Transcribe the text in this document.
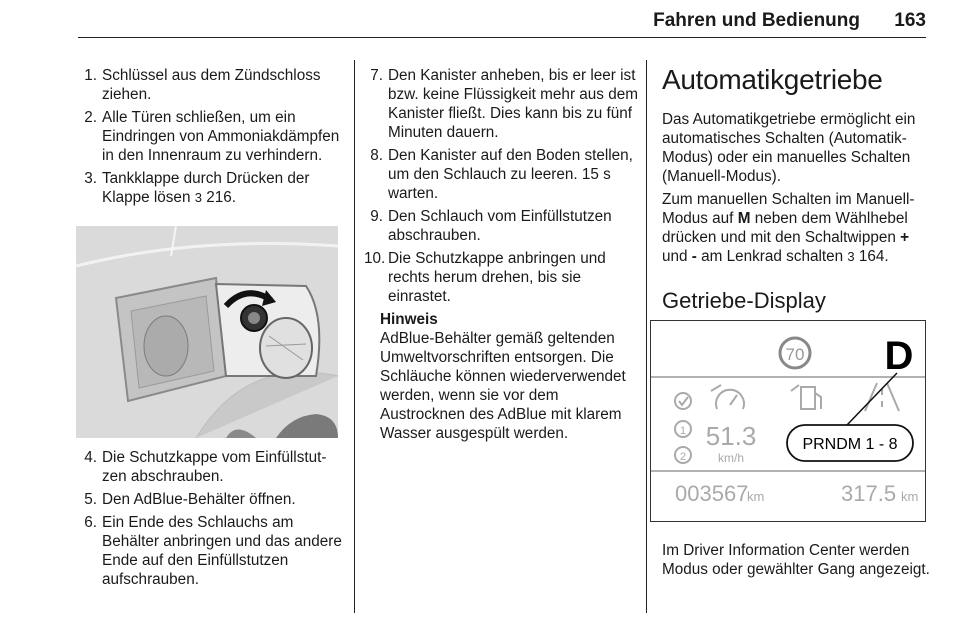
Fahren und Bedienung	163
1. Schlüssel aus dem Zündschloss ziehen.
2. Alle Türen schließen, um ein Eindringen von Ammoniakdämpfen in den Innenraum zu verhindern.
3. Tankklappe durch Drücken der Klappe lösen 3 216.
4. Die Schutzkappe vom Einfüllstutzen abschrauben.
5. Den AdBlue-Behälter öffnen.
6. Ein Ende des Schlauchs am Behälter anbringen und das andere Ende auf den Einfüllstutzen aufschrauben.
7. Den Kanister anheben, bis er leer ist bzw. keine Flüssigkeit mehr aus dem Kanister fließt. Dies kann bis zu fünf Minuten dauern.
8. Den Kanister auf den Boden stellen, um den Schlauch zu leeren. 15 s warten.
9. Den Schlauch vom Einfüllstutzen abschrauben.
10. Die Schutzkappe anbringen und rechts herum drehen, bis sie einrastet.
Hinweis

AdBlue-Behälter gemäß geltenden Umweltvorschriften entsorgen. Die Schläuche können wiederverwendet werden, wenn sie vor dem Austrocknen des AdBlue mit klarem Wasser ausgespült werden.

Automatikgetriebe

Das Automatikgetriebe ermöglicht ein automatisches Schalten (Automatik-Modus) oder ein manuelles Schalten (Manuell-Modus).

Zum manuellen Schalten im Manuell-Modus auf M neben dem Wählhebel drücken und mit den Schaltwippen + und - am Lenkrad schalten 3 164.

Getriebe-Display
70 D
1
2
51.3
km/h
PRNDM 1 - 8
003567
km	317.5 km

Im Driver Information Center werden Modus oder gewählter Gang angezeigt.
